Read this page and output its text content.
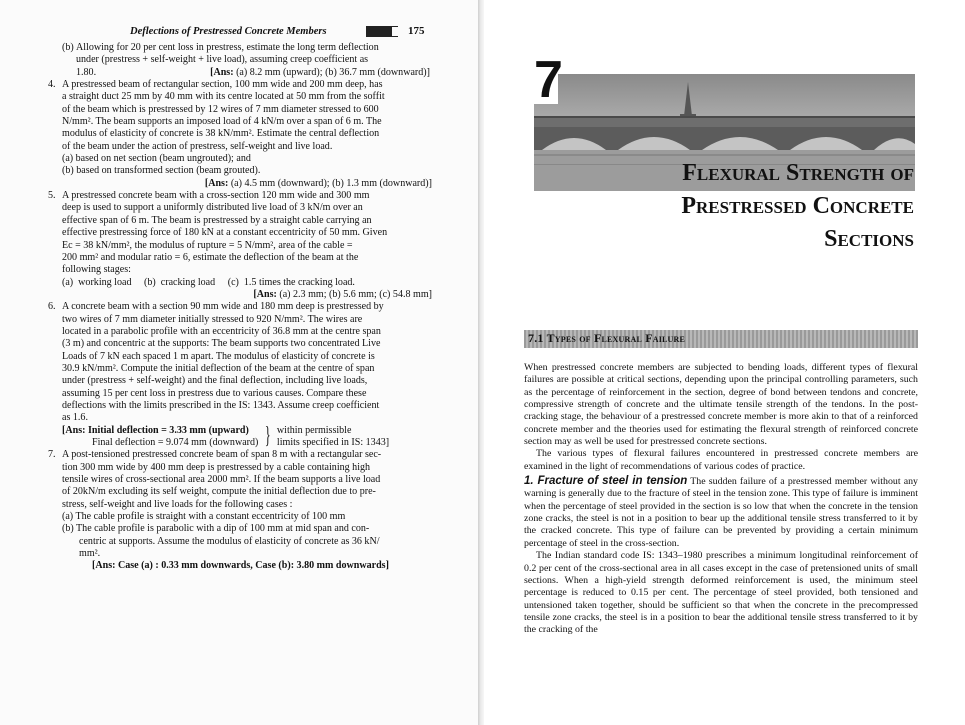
Deflections of Prestressed Concrete Members	175

(b) Allowing for 20 per cent loss in prestress, estimate the long term deflection

under (prestress + self-weight + live load), assuming creep coefficient as

1.80.	[Ans: (a) 8.2 mm (upward); (b) 36.7 mm (downward)]

4. A prestressed beam of rectangular section, 100 mm wide and 200 mm deep, has

a straight duct 25 mm by 40 mm with its centre located at 50 mm from the soffit

of the beam which is prestressed by 12 wires of 7 mm diameter stressed to 600

N/mm². The beam supports an imposed load of 4 kN/m over a span of 6 m. The

modulus of elasticity of concrete is 38 kN/mm². Estimate the central deflection

of the beam under the action of prestress, self-weight and live load.

(a) based on net section (beam ungrouted); and

(b) based on transformed section (beam grouted).

[Ans: (a) 4.5 mm (downward); (b) 1.3 mm (downward)]

5. A prestressed concrete beam with a cross-section 120 mm wide and 300 mm

deep is used to support a uniformly distributed live load of 3 kN/m over an

effective span of 6 m. The beam is prestressed by a straight cable carrying an

effective prestressing force of 180 kN at a constant eccentricity of 50 mm. Given

Ec = 38 kN/mm², the modulus of rupture = 5 N/mm², area of the cable =

200 mm² and modular ratio = 6, estimate the deflection of the beam at the

following stages:

(a)  working load     (b)  cracking load     (c)  1.5 times the cracking load.

[Ans: (a) 2.3 mm; (b) 5.6 mm; (c) 54.8 mm]

6. A concrete beam with a section 90 mm wide and 180 mm deep is prestressed by

two wires of 7 mm diameter initially stressed to 920 N/mm². The wires are

located in a parabolic profile with an eccentricity of 36.8 mm at the centre span

(3 m) and concentric at the supports: The beam supports two concentrated Live

Loads of 7 kN each spaced 1 m apart. The modulus of elasticity of concrete is

30.9 kN/mm². Compute the initial deflection of the beam at the centre of span

under (prestress + self-weight) and the final deflection, including live loads,

assuming 15 per cent loss in prestress due to various causes. Compare these

deflections with the limits prescribed in the IS: 1343. Assume creep coefficient

as 1.6.

[Ans: Initial deflection = 3.33 mm (upward)
Final deflection = 9.074 mm (downward) } within permissible
limits specified in IS: 1343]

7. A post-tensioned prestressed concrete beam of span 8 m with a rectangular sec-

tion 300 mm wide by 400 mm deep is prestressed by a cable containing high

tensile wires of cross-sectional area 2000 mm². If the beam supports a live load

of 20kN/m excluding its self weight, compute the initial deflection due to pre-

stress, self-weight and live loads for the following cases :

(a) The cable profile is straight with a constant eccentricity of 100 mm

(b) The cable profile is parabolic with a dip of 100 mm at mid span and con-

centric at supports. Assume the modulus of elasticity of concrete as 36 kN/

mm².

[Ans: Case (a) : 0.33 mm downwards, Case (b): 3.80 mm downwards]

7
Flexural Strength of
Prestressed Concrete
Sections
7.1 Types of Flexural Failure

When prestressed concrete members are subjected to bending loads, different types of flexural failures are possible at critical sections, depending upon the principal controlling parameters, such as the percentage of reinforcement in the section, degree of bond between tendons and concrete, compressive strength of concrete and the ultimate tensile strength of the tendons. In the post-cracking stage, the behaviour of a prestressed concrete member is more akin to that of a reinforced concrete member and the theories used for estimating the flexural strength of reinforced concrete section may as well be used for prestressed concrete sections.

The various types of flexural failures encountered in prestressed concrete members are examined in the light of recommendations of various codes of practice.

1. Fracture of steel in tension The sudden failure of a prestressed member without any warning is generally due to the fracture of steel in the tension zone. This type of failure is imminent when the percentage of steel provided in the section is so low that when the concrete in the tension zone cracks, the steel is not in a position to bear up the additional tensile stress transferred to it by the cracked concrete. This type of failure can be prevented by providing a certain minimum percentage of steel in the cross-section.

The Indian standard code IS: 1343–1980 prescribes a minimum longitudinal reinforcement of 0.2 per cent of the cross-sectional area in all cases except in the case of pretensioned units of small sections. When a high-yield strength deformed reinforcement is used, the minimum steel percentage is reduced to 0.15 per cent. The percentage of steel provided, both tensioned and untensioned taken together, should be sufficient so that when the concrete in the precompressed tensile zone cracks, the steel is in a position to bear the additional tensile stress transferred to it by the cracking of the
